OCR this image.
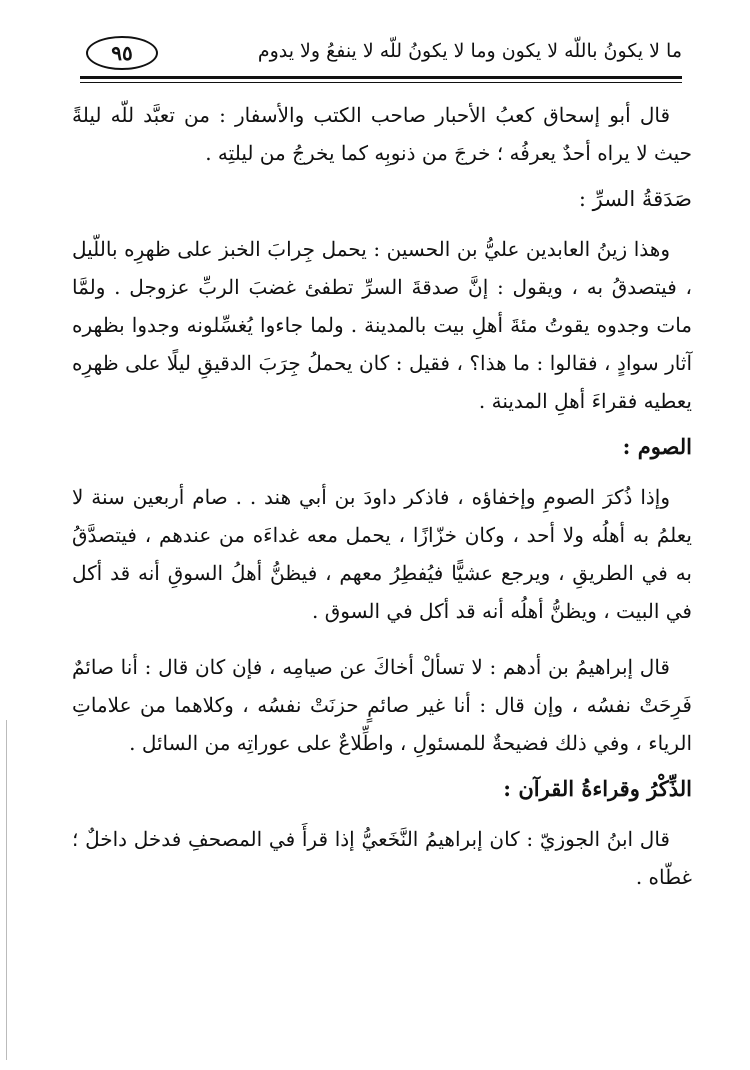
ما لا يكونُ باللّه لا يكون وما لا يكونُ للّه لا ينفعُ ولا يدوم
٩٥

قال أبو إسحاق كعبُ الأحبار صاحب الكتب والأسفار : من تعبَّد للّه ليلةً حيث لا يراه أحدٌ يعرفُه ؛ خرجَ من ذنوبِه كما يخرجُ من ليلتِه .

صَدَقةُ السرِّ :

وهذا زينُ العابدين عليُّ بن الحسين : يحمل جِرابَ الخبز على ظهرِه باللّيل ، فيتصدقُ به ، ويقول : إنَّ صدقةَ السرِّ تطفئ غضبَ الربِّ عزوجل . ولمَّا مات وجدوه يقوتُ مئةَ أهلِ بيت بالمدينة . ولما جاءوا يُغسِّلونه وجدوا بظهره آثار سوادٍ ، فقالوا : ما هذا؟ ، فقيل : كان يحملُ جِرَبَ الدقيقِ ليلًا على ظهرِه يعطيه فقراءَ أهلِ المدينة .

الصوم :

وإذا ذُكرَ الصومِ وإخفاؤه ، فاذكر داودَ بن أبي هند . . صام أربعين سنة لا يعلمُ به أهلُه ولا أحد ، وكان خزّازًا ، يحمل معه غداءَه من عندهم ، فيتصدَّقُ به في الطريقِ ، ويرجع عشيًّا فيُفطِرُ معهم ، فيظنُّ أهلُ السوقِ أنه قد أكل في البيت ، ويظنُّ أهلُه أنه قد أكل في السوق .

قال إبراهيمُ بن أدهم : لا تسألْ أخاكَ عن صيامِه ، فإن كان قال : أنا صائمٌ فَرِحَتْ نفسُه ، وإن قال : أنا غير صائمٍ حزنَتْ نفسُه ، وكلاهما من علاماتِ الرياء ، وفي ذلك فضيحةٌ للمسئولِ ، واطِّلاعٌ على عوراتِه من السائل .

الذِّكْرُ وقراءةُ القرآن :

قال ابنُ الجوزيّ : كان إبراهيمُ النَّخَعيُّ إذا قرأَ في المصحفِ فدخل داخلٌ ؛ غطّاه .
